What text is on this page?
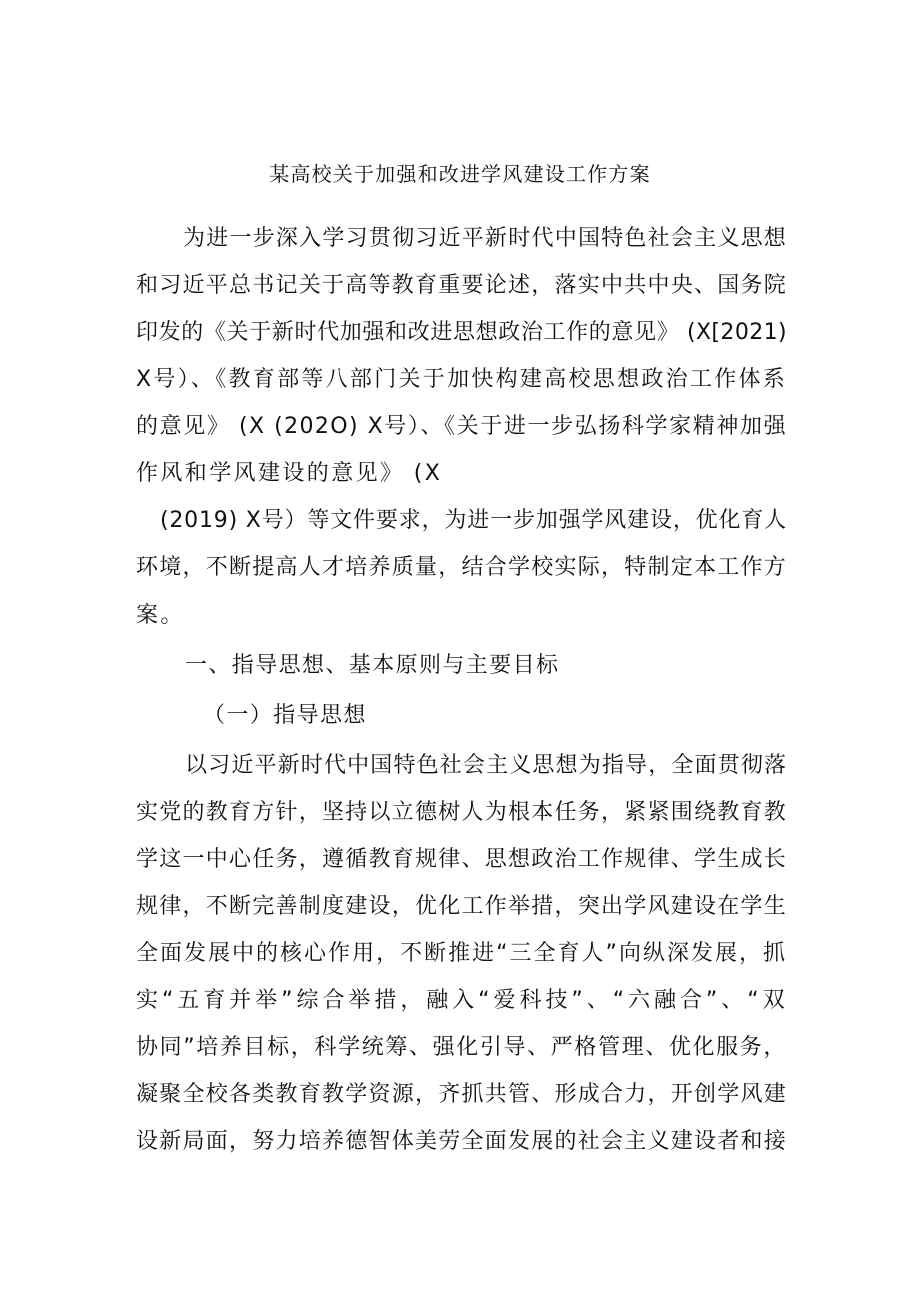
某高校关于加强和改进学风建设工作方案
为进一步深入学习贯彻习近平新时代中国特色社会主义思想
和习近平总书记关于高等教育重要论述，落实中共中央、国务院
印发的《关于新时代加强和改进思想政治工作的意见》 (X[2021)
X号）、《教育部等八部门关于加快构建高校思想政治工作体系
的意见》 (X (202O) X号）、《关于进一步弘扬科学家精神加强
作风和学风建设的意见》 (X
(2019) X号）等文件要求，为进一步加强学风建设，优化育人
环境，不断提高人才培养质量，结合学校实际，特制定本工作方
案。
一、指导思想、基本原则与主要目标
（一）指导思想
以习近平新时代中国特色社会主义思想为指导，全面贯彻落
实党的教育方针，坚持以立德树人为根本任务，紧紧围绕教育教
学这一中心任务，遵循教育规律、思想政治工作规律、学生成长
规律，不断完善制度建设，优化工作举措，突出学风建设在学生
全面发展中的核心作用，不断推进“三全育人”向纵深发展，抓
实“五育并举”综合举措，融入“爱科技”、“六融合”、“双
协同”培养目标，科学统筹、强化引导、严格管理、优化服务，
凝聚全校各类教育教学资源，齐抓共管、形成合力，开创学风建
设新局面，努力培养德智体美劳全面发展的社会主义建设者和接
